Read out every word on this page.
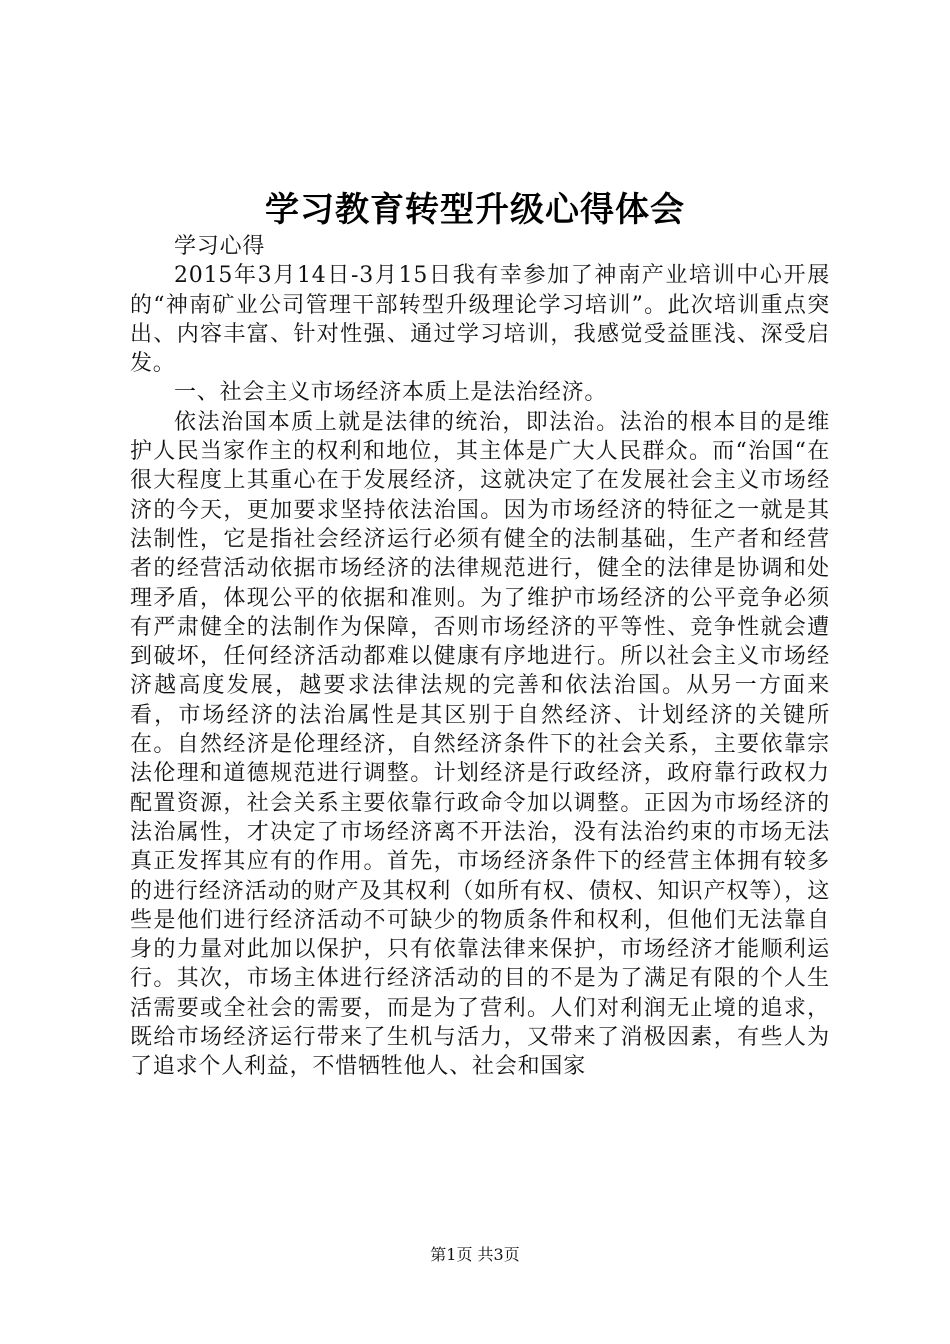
学习教育转型升级心得体会

学习心得

2015年3月14日-3月15日我有幸参加了神南产业培训中心开展的“神南矿业公司管理干部转型升级理论学习培训”。此次培训重点突出、内容丰富、针对性强、通过学习培训，我感觉受益匪浅、深受启发。

一、社会主义市场经济本质上是法治经济。

依法治国本质上就是法律的统治，即法治。法治的根本目的是维护人民当家作主的权利和地位，其主体是广大人民群众。而“治国“在很大程度上其重心在于发展经济，这就决定了在发展社会主义市场经济的今天，更加要求坚持依法治国。因为市场经济的特征之一就是其法制性，它是指社会经济运行必须有健全的法制基础，生产者和经营者的经营活动依据市场经济的法律规范进行，健全的法律是协调和处理矛盾，体现公平的依据和准则。为了维护市场经济的公平竞争必须有严肃健全的法制作为保障，否则市场经济的平等性、竞争性就会遭到破坏，任何经济活动都难以健康有序地进行。所以社会主义市场经济越高度发展，越要求法律法规的完善和依法治国。从另一方面来看，市场经济的法治属性是其区别于自然经济、计划经济的关键所在。自然经济是伦理经济，自然经济条件下的社会关系，主要依靠宗法伦理和道德规范进行调整。计划经济是行政经济，政府靠行政权力配置资源，社会关系主要依靠行政命令加以调整。正因为市场经济的法治属性，才决定了市场经济离不开法治，没有法治约束的市场无法真正发挥其应有的作用。首先，市场经济条件下的经营主体拥有较多的进行经济活动的财产及其权利（如所有权、债权、知识产权等），这些是他们进行经济活动不可缺少的物质条件和权利，但他们无法靠自身的力量对此加以保护，只有依靠法律来保护，市场经济才能顺利运行。其次，市场主体进行经济活动的目的不是为了满足有限的个人生活需要或全社会的需要，而是为了营利。人们对利润无止境的追求，既给市场经济运行带来了生机与活力，又带来了消极因素，有些人为了追求个人利益，不惜牺牲他人、社会和国家

第1页 共3页
